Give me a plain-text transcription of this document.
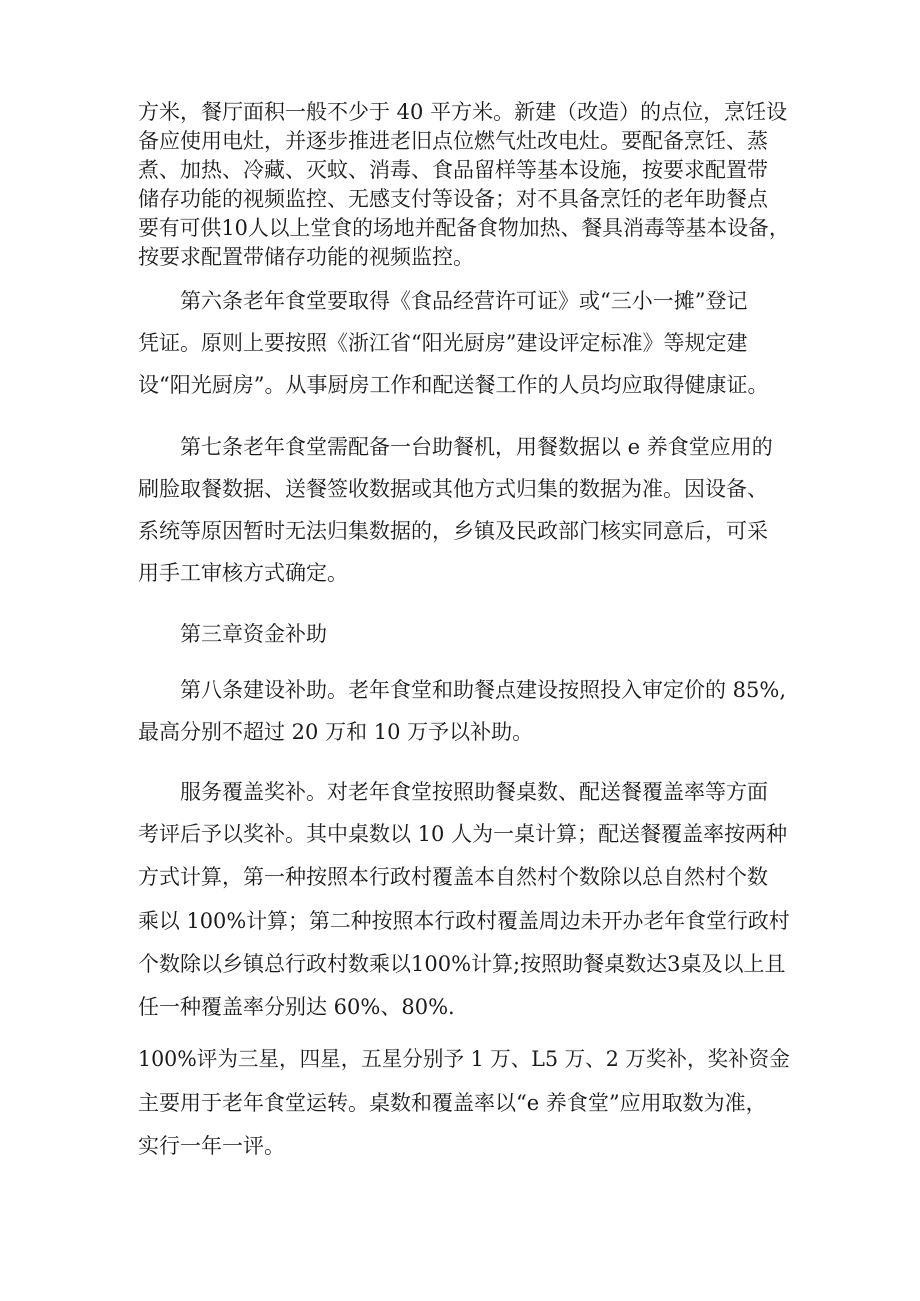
方米，餐厅面积一般不少于 40 平方米。新建（改造）的点位，烹饪设
备应使用电灶，并逐步推进老旧点位燃气灶改电灶。要配备烹饪、蒸
煮、加热、冷藏、灭蚊、消毒、食品留样等基本设施，按要求配置带
储存功能的视频监控、无感支付等设备；对不具备烹饪的老年助餐点
要有可供10人以上堂食的场地并配备食物加热、餐具消毒等基本设备，
按要求配置带储存功能的视频监控。
第六条老年食堂要取得《食品经营许可证》或“三小一摊”登记
凭证。原则上要按照《浙江省“阳光厨房”建设评定标准》等规定建
设“阳光厨房”。从事厨房工作和配送餐工作的人员均应取得健康证。
第七条老年食堂需配备一台助餐机，用餐数据以 e 养食堂应用的
刷脸取餐数据、送餐签收数据或其他方式归集的数据为准。因设备、
系统等原因暂时无法归集数据的，乡镇及民政部门核实同意后，可采
用手工审核方式确定。
第三章资金补助
第八条建设补助。老年食堂和助餐点建设按照投入审定价的 85%,
最高分别不超过 20 万和 10 万予以补助。
服务覆盖奖补。对老年食堂按照助餐桌数、配送餐覆盖率等方面
考评后予以奖补。其中桌数以 10 人为一桌计算；配送餐覆盖率按两种
方式计算，第一种按照本行政村覆盖本自然村个数除以总自然村个数
乘以 100%计算；第二种按照本行政村覆盖周边未开办老年食堂行政村
个数除以乡镇总行政村数乘以100%计算;按照助餐桌数达3桌及以上且
任一种覆盖率分别达 60%、80%.
100%评为三星，四星，五星分别予 1 万、L5 万、2 万奖补，奖补资金
主要用于老年食堂运转。桌数和覆盖率以“e 养食堂”应用取数为准，
实行一年一评。
